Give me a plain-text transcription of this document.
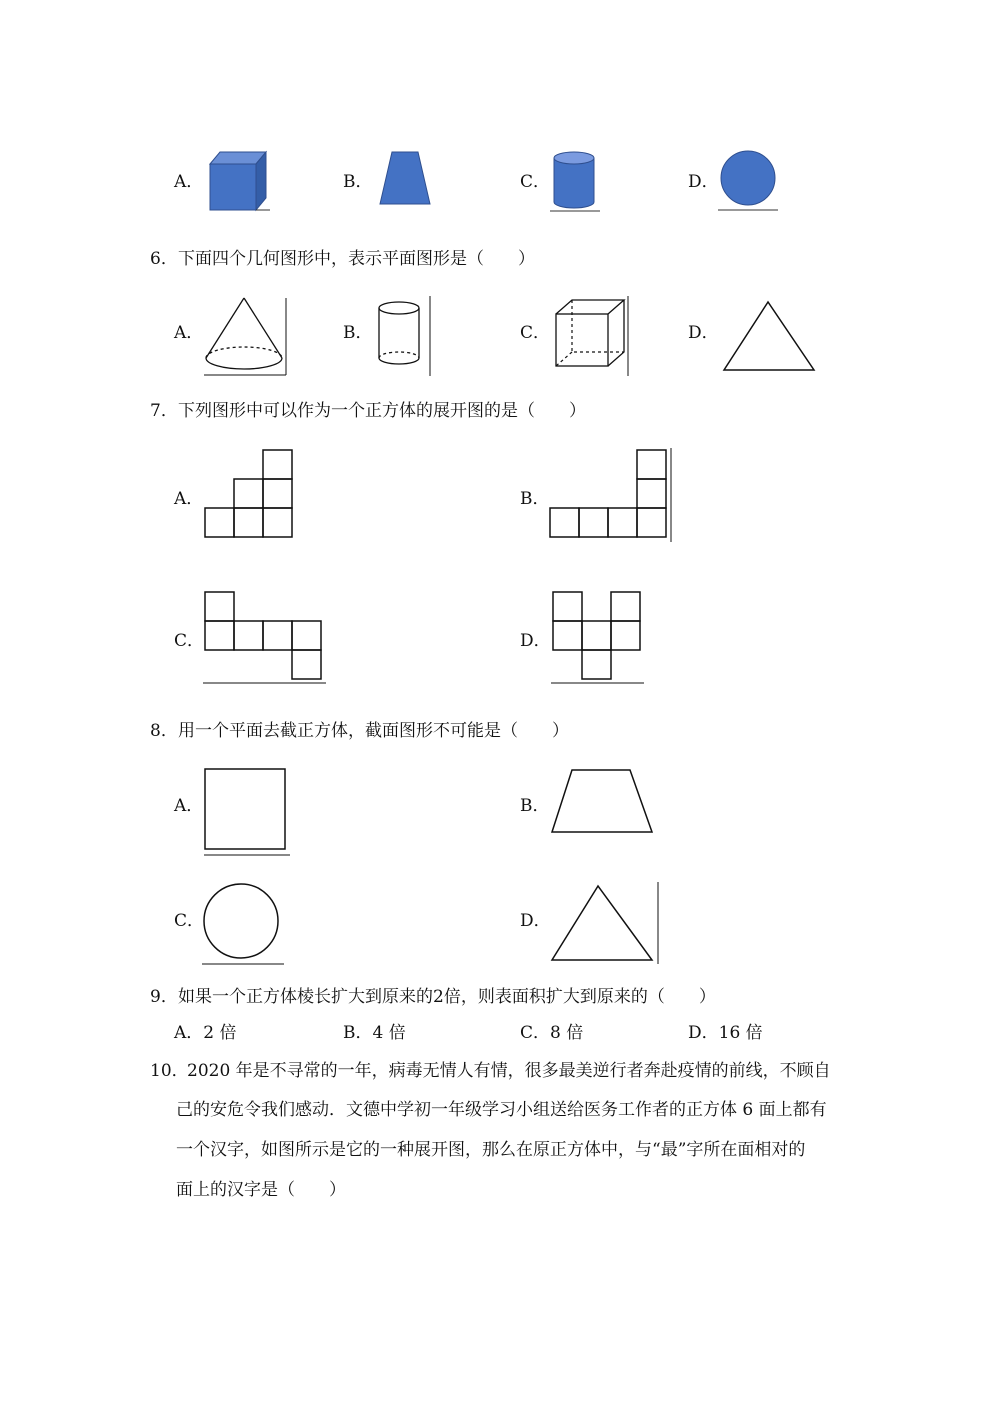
A．	B．	C．	D．
6． 下面四个几何图形中，表示平面图形是（　　）
A．	B．	C．	D．
7． 下列图形中可以作为一个正方体的展开图的是（　　）
A．	B．
C．	D．
8． 用一个平面去截正方体，截面图形不可能是（　　）
A．	B．
C．	D．
9． 如果一个正方体棱长扩大到原来的2倍，则表面积扩大到原来的（　　）
A．2 倍	B．4 倍	C．8 倍	D．16 倍
10．
2020 年是不寻常的一年，病毒无情人有情，很多最美逆行者奔赴疫情的前线，不顾自
己的安危令我们感动．文德中学初一年级学习小组送给医务工作者的正方体 6 面上都有
一个汉字，如图所示是它的一种展开图，那么在原正方体中，与“最”字所在面相对的
面上的汉字是（　　）
